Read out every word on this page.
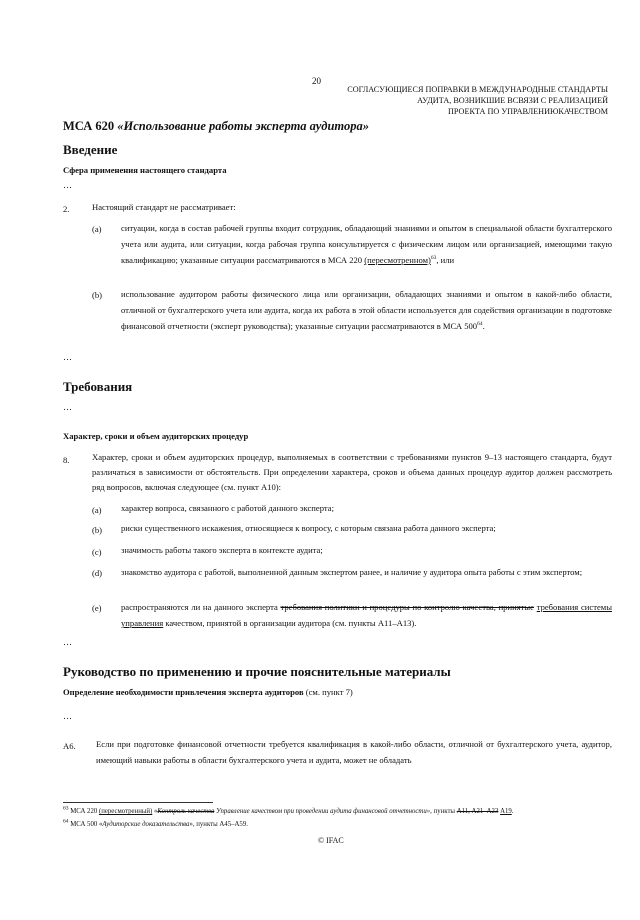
20
СОГЛАСУЮЩИЕСЯ ПОПРАВКИ В МЕЖДУНАРОДНЫЕ СТАНДАРТЫ
АУДИТА, ВОЗНИКШИЕ ВСВЯЗИ С РЕАЛИЗАЦИЕЙ
ПРОЕКТА ПО УПРАВЛЕНИЮКАЧЕСТВОМ
МСА 620 «Использование работы эксперта аудитора»
Введение
Сфера применения настоящего стандарта
…
2.	Настоящий стандарт не рассматривает:
(a) ситуации, когда в состав рабочей группы входит сотрудник, обладающий знаниями и опытом в специальной области бухгалтерского учета или аудита, или ситуации, когда рабочая группа консультируется с физическим лицом или организацией, имеющими такую квалификацию; указанные ситуации рассматриваются в МСА 220 (пересмотренном)$^{63}$, или
(b) использование аудитором работы физического лица или организации, обладающих знаниями и опытом в какой-либо области, отличной от бухгалтерского учета или аудита, когда их работа в этой области используется для содействия организации в подготовке финансовой отчетности (эксперт руководства); указанные ситуации рассматриваются в МСА $500^{64}$.
…
Требования
…
Характер, сроки и объем аудиторских процедур
8.	Характер, сроки и объем аудиторских процедур, выполняемых в соответствии с требованиями пунктов 9–13 настоящего стандарта, будут различаться в зависимости от обстоятельств. При определении характера, сроков и объема данных процедур аудитор должен рассмотреть ряд вопросов, включая следующее (см. пункт А10):
(a) характер вопроса, связанного с работой данного эксперта;
(b) риски существенного искажения, относящиеся к вопросу, с которым связана работа данного эксперта;
(c) значимость работы такого эксперта в контексте аудита;
(d) знакомство аудитора с работой, выполненной данным экспертом ранее, и наличие у аудитора опыта работы с этим экспертом;
(e) распространяются ли на данного эксперта требования политики и процедуры по контролю качества, принятые требования системы управления качеством, принятой в организации аудитора (см. пункты А11–А13).
…
Руководство по применению и прочие пояснительные материалы
Определение необходимости привлечения эксперта аудиторов (см. пункт 7)
…
А6. Если при подготовке финансовой отчетности требуется квалификация в какой-либо области, отличной от бухгалтерского учета, аудитор, имеющий навыки работы в области бухгалтерского учета и аудита, может не обладать
$^{63}$ МСА 220 (пересмотренный) «Контроль качества Управление качеством при проведении аудита финансовой отчетности», пункты А11, А21–А23 А19.
$^{64}$ МСА 500 «Аудиторские доказательства», пункты А45–А59.
© IFAC
